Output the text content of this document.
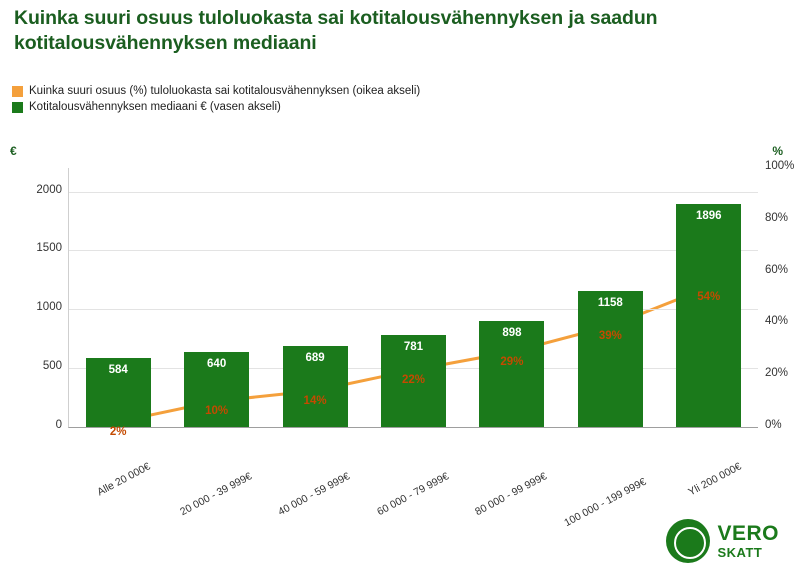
Kuinka suuri osuus tuloluokasta sai kotitalousvähennyksen ja saadun kotitalousvähennyksen mediaani
Kuinka suuri osuus (%) tuloluokasta sai kotitalousvähennyksen (oikea akseli)
Kotitalousvähennyksen mediaani € (vasen akseli)
€	%
0
500
1000
1500
2000
0%
20%
40%
60%
80%
100%
584
Alle 20 000€
640
20 000 - 39 999€
689
40 000 - 59 999€
781
60 000 - 79 999€
898
80 000 - 99 999€
1158
100 000 - 199 999€
1896
Yli 200 000€
2%
10%
14%
22%
29%
39%
54%
VERO
SKATT
